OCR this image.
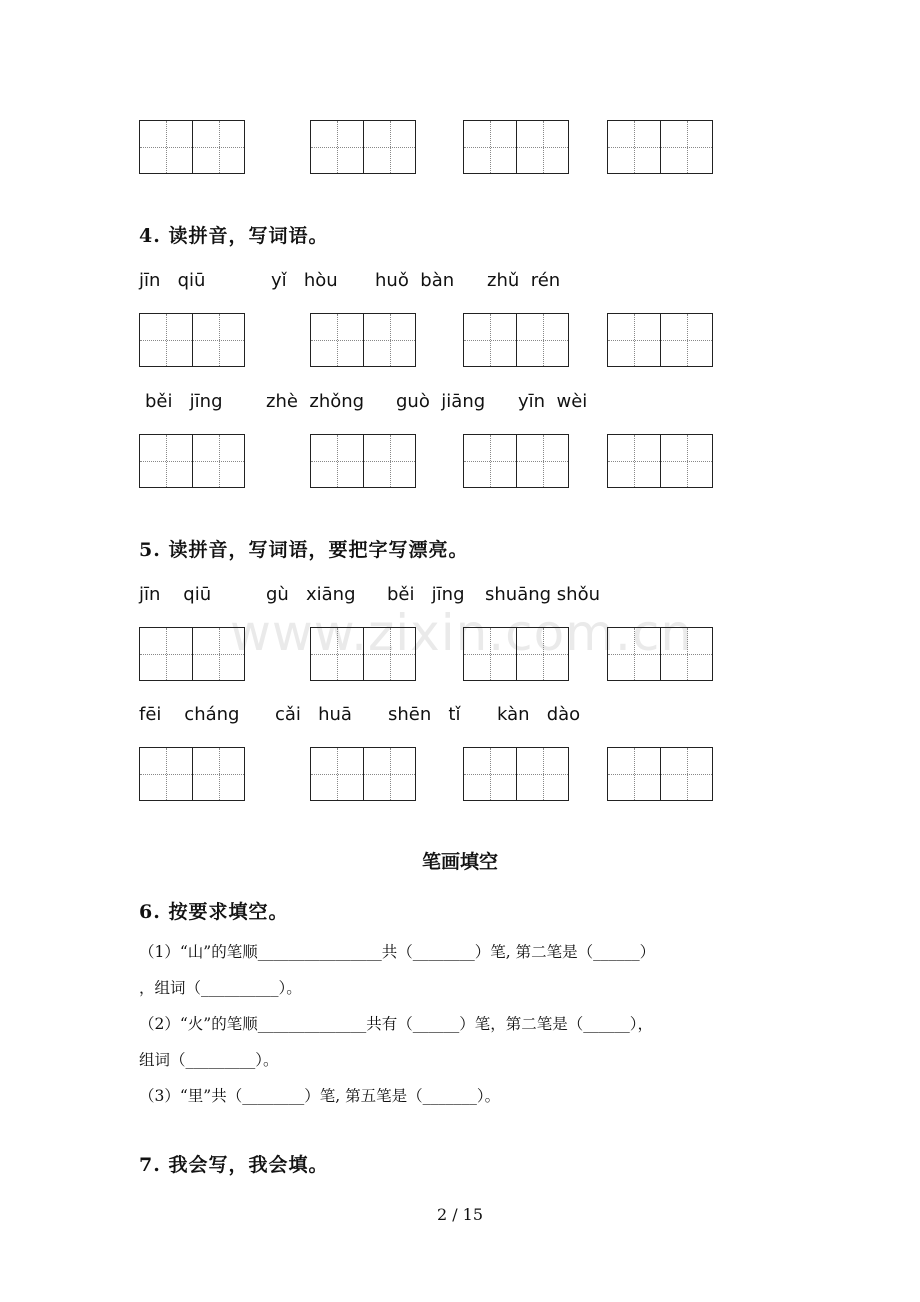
www.zixin.com.cn
4. 读拼音，写词语。
jīn   qiū	yǐ   hòu huǒ  bàn zhǔ  rén
běi   jīng zhè  zhǒng guò  jiāng yīn  wèi
5. 读拼音，写词语，要把字写漂亮。
jīn    qiū	gù   xiāng běi   jīng shuāng shǒu
fēi    cháng cǎi   huā shēn   tǐ kàn   dào
笔画填空
6. 按要求填空。
（1）“山”的笔顺________________共（________）笔, 第二笔是（______）
，组词（__________）。
（2）“火”的笔顺______________共有（______）笔，第二笔是（______），
组词（_________）。
（3）“里”共（________）笔, 第五笔是（_______）。
7. 我会写，我会填。
2 / 15
